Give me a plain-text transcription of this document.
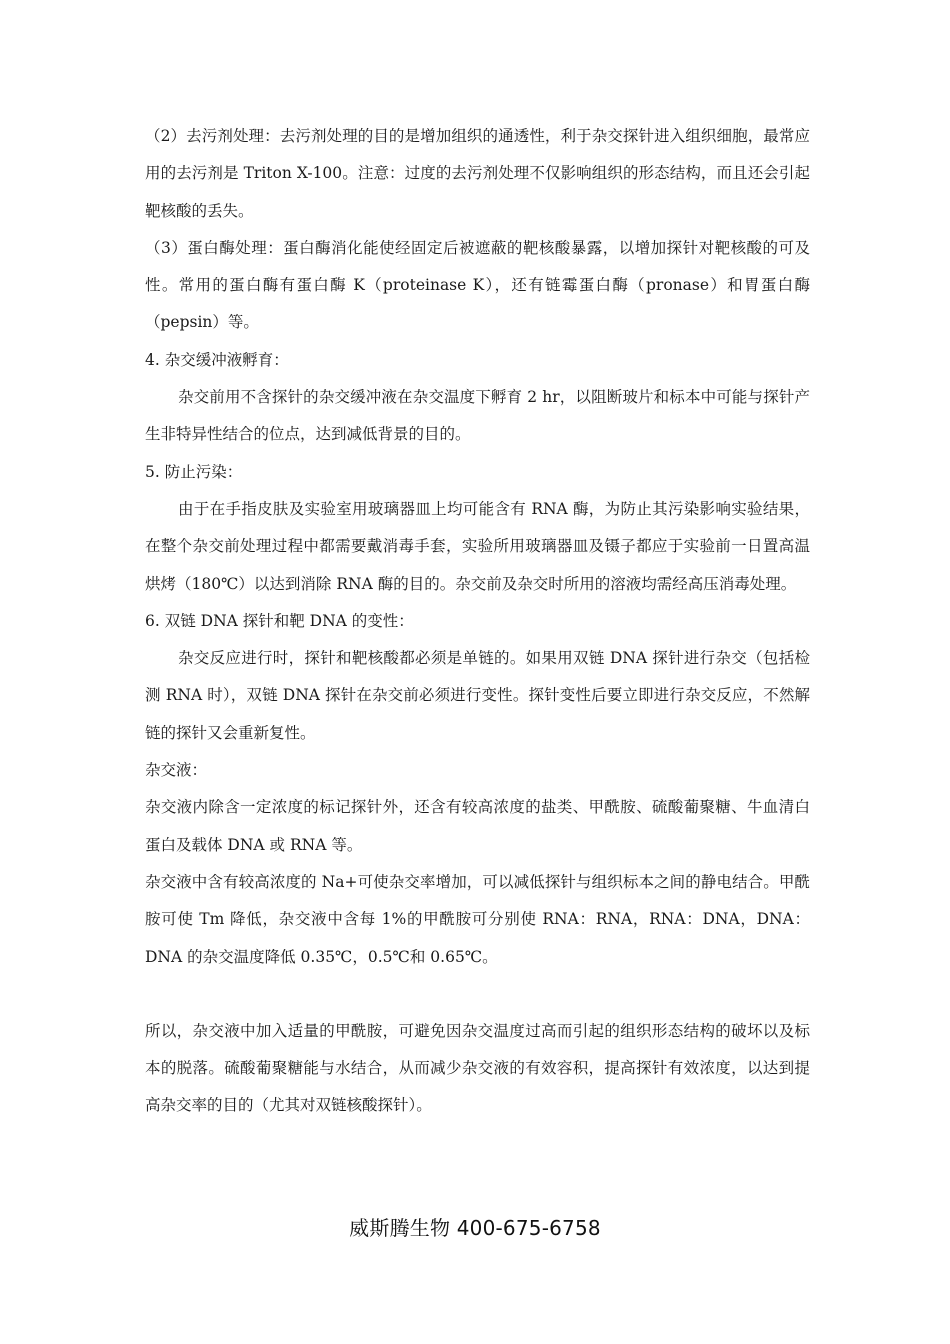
（2）去污剂处理：去污剂处理的目的是增加组织的通透性，利于杂交探针进入组织细胞，最常应用的去污剂是 Triton X-100。注意：过度的去污剂处理不仅影响组织的形态结构，而且还会引起靶核酸的丢失。

（3）蛋白酶处理：蛋白酶消化能使经固定后被遮蔽的靶核酸暴露，以增加探针对靶核酸的可及性。常用的蛋白酶有蛋白酶 K（proteinase K），还有链霉蛋白酶（pronase）和胃蛋白酶（pepsin）等。

4. 杂交缓冲液孵育：

杂交前用不含探针的杂交缓冲液在杂交温度下孵育 2 hr，以阻断玻片和标本中可能与探针产生非特异性结合的位点，达到减低背景的目的。

5. 防止污染：

由于在手指皮肤及实验室用玻璃器皿上均可能含有 RNA 酶，为防止其污染影响实验结果，在整个杂交前处理过程中都需要戴消毒手套，实验所用玻璃器皿及镊子都应于实验前一日置高温烘烤（180℃）以达到消除 RNA 酶的目的。杂交前及杂交时所用的溶液均需经高压消毒处理。

6. 双链 DNA 探针和靶 DNA 的变性：

杂交反应进行时，探针和靶核酸都必须是单链的。如果用双链 DNA 探针进行杂交（包括检测 RNA 时），双链 DNA 探针在杂交前必须进行变性。探针变性后要立即进行杂交反应，不然解链的探针又会重新复性。

杂交液：

杂交液内除含一定浓度的标记探针外，还含有较高浓度的盐类、甲酰胺、硫酸葡聚糖、牛血清白蛋白及载体 DNA 或 RNA 等。

杂交液中含有较高浓度的 Na+可使杂交率增加，可以减低探针与组织标本之间的静电结合。甲酰胺可使 Tm 降低，杂交液中含每 1%的甲酰胺可分别使 RNA：RNA，RNA：DNA，DNA：DNA 的杂交温度降低 0.35℃，0.5℃和 0.65℃。

所以，杂交液中加入适量的甲酰胺，可避免因杂交温度过高而引起的组织形态结构的破坏以及标本的脱落。硫酸葡聚糖能与水结合，从而减少杂交液的有效容积，提高探针有效浓度，以达到提高杂交率的目的（尤其对双链核酸探针）。

威斯腾生物 400-675-6758
